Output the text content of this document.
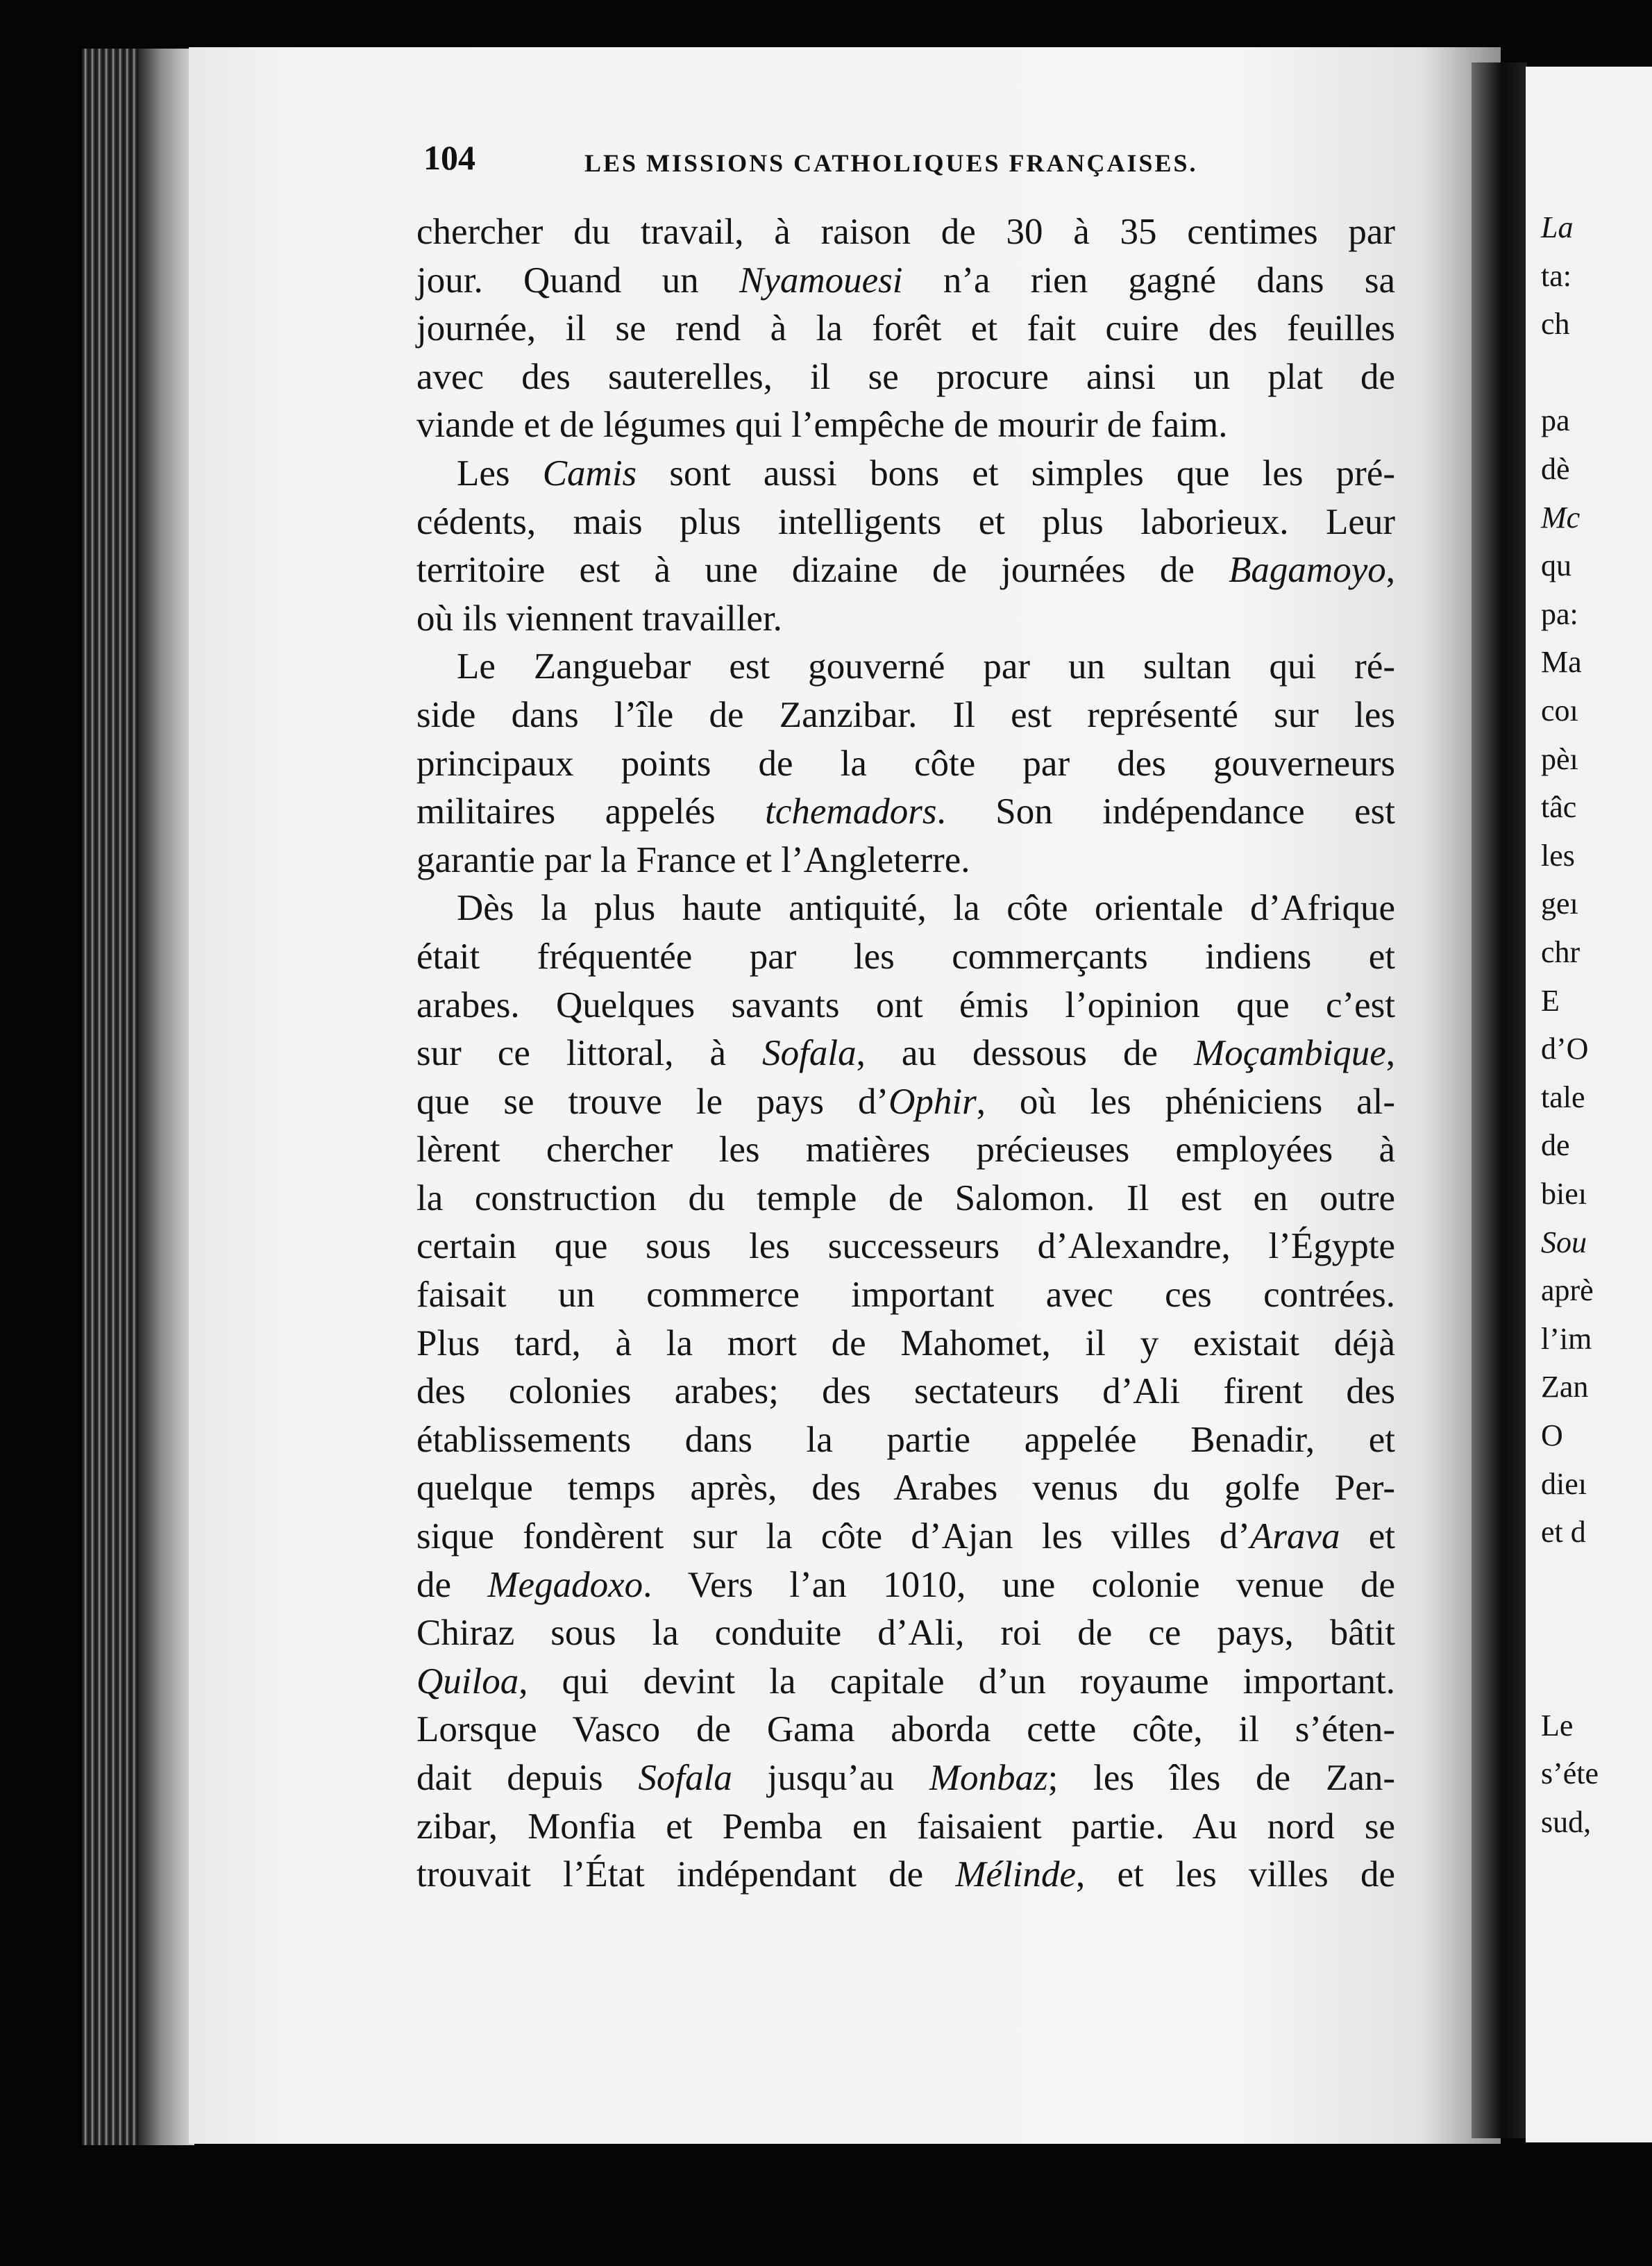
104	LES MISSIONS CATHOLIQUES FRANÇAISES.
chercher du travail, à raison de 30 à 35 centimes par
jour. Quand un Nyamouesi n’a rien gagné dans sa
journée, il se rend à la forêt et fait cuire des feuilles
avec des sauterelles, il se procure ainsi un plat de
viande et de légumes qui l’empêche de mourir de faim.
Les Camis sont aussi bons et simples que les pré-
cédents, mais plus intelligents et plus laborieux. Leur
territoire est à une dizaine de journées de Bagamoyo,
où ils viennent travailler.
Le Zanguebar est gouverné par un sultan qui ré-
side dans l’île de Zanzibar. Il est représenté sur les
principaux points de la côte par des gouverneurs
militaires appelés tchemadors. Son indépendance est
garantie par la France et l’Angleterre.
Dès la plus haute antiquité, la côte orientale d’Afrique
était fréquentée par les commerçants indiens et
arabes. Quelques savants ont émis l’opinion que c’est
sur ce littoral, à Sofala, au dessous de Moçambique,
que se trouve le pays d’Ophir, où les phéniciens al-
lèrent chercher les matières précieuses employées à
la construction du temple de Salomon. Il est en outre
certain que sous les successeurs d’Alexandre, l’Égypte
faisait un commerce important avec ces contrées.
Plus tard, à la mort de Mahomet, il y existait déjà
des colonies arabes; des sectateurs d’Ali firent des
établissements dans la partie appelée Benadir, et
quelque temps après, des Arabes venus du golfe Per-
sique fondèrent sur la côte d’Ajan les villes d’Arava et
de Megadoxo. Vers l’an 1010, une colonie venue de
Chiraz sous la conduite d’Ali, roi de ce pays, bâtit
Quiloa, qui devint la capitale d’un royaume important.
Lorsque Vasco de Gama aborda cette côte, il s’éten-
dait depuis Sofala jusqu’au Monbaz; les îles de Zan-
zibar, Monfia et Pemba en faisaient partie. Au nord se
trouvait l’État indépendant de Mélinde, et les villes de
La
ta:
ch
pa
dè
Mc
qu
pa:
Ma
coı
pèı
tâc
les
geı
chr
E
d’O
tale
de
bieı
Sou
aprè
l’im
Zan
O
dieı
et d
Le
s’éte
sud,
